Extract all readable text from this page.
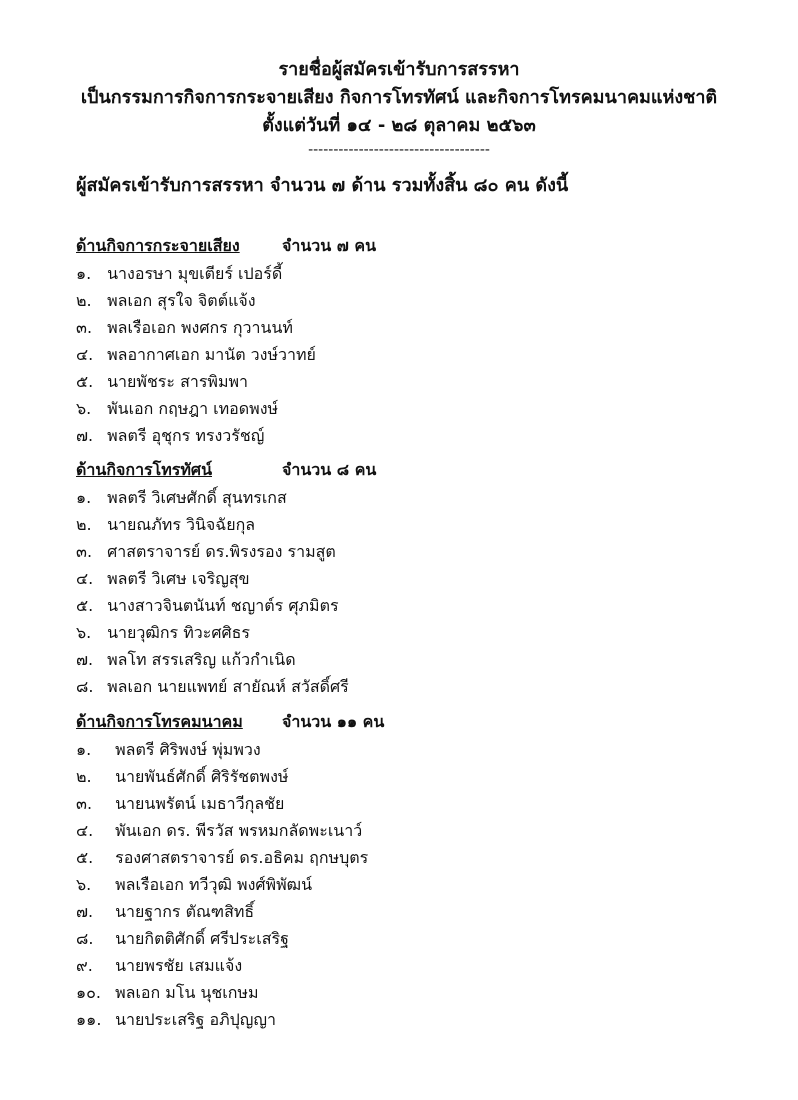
รายชื่อผู้สมัครเข้ารับการสรรหา
เป็นกรรมการกิจการกระจายเสียง กิจการโทรทัศน์ และกิจการโทรคมนาคมแห่งชาติ
ตั้งแต่วันที่ ๑๔ - ๒๘ ตุลาคม ๒๕๖๓
------------------------------------
ผู้สมัครเข้ารับการสรรหา จำนวน ๗ ด้าน รวมทั้งสิ้น ๘๐ คน ดังนี้
ด้านกิจการกระจายเสียง	จำนวน ๗ คน
๑. นางอรษา มุขเตียร์ เปอร์ดี้
๒. พลเอก สุรใจ จิตต์แจ้ง
๓. พลเรือเอก พงศกร กุวานนท์
๔. พลอากาศเอก มานัต วงษ์วาทย์
๕. นายพัชระ สารพิมพา
๖. พันเอก กฤษฎา เทอดพงษ์
๗. พลตรี อุชุกร ทรงวรัชญ์
ด้านกิจการโทรทัศน์	จำนวน ๘ คน
๑. พลตรี วิเศษศักดิ์ สุนทรเกส
๒. นายณภัทร วินิจฉัยกุล
๓. ศาสตราจารย์ ดร.พิรงรอง รามสูต
๔. พลตรี วิเศษ เจริญสุข
๕. นางสาวจินตนันท์ ชญาต์ร ศุภมิตร
๖. นายวุฒิกร ทิวะศศิธร
๗. พลโท สรรเสริญ แก้วกำเนิด
๘. พลเอก นายแพทย์ สายัณห์ สวัสดิ์ศรี
ด้านกิจการโทรคมนาคม จำนวน ๑๑ คน
๑. พลตรี ศิริพงษ์ พุ่มพวง
๒. นายพันธ์ศักดิ์ ศิริรัชตพงษ์
๓. นายนพรัตน์ เมธาวีกุลชัย
๔. พันเอก ดร. พีรวัส พรหมกลัดพะเนาว์
๕. รองศาสตราจารย์ ดร.อธิคม ฤกษบุตร
๖. พลเรือเอก ทวีวุฒิ พงศ์พิพัฒน์
๗. นายฐากร ตัณฑสิทธิ์
๘. นายกิตติศักดิ์ ศรีประเสริฐ
๙. นายพรชัย เสมแจ้ง
๑๐. พลเอก มโน นุชเกษม
๑๑. นายประเสริฐ อภิปุญญา
